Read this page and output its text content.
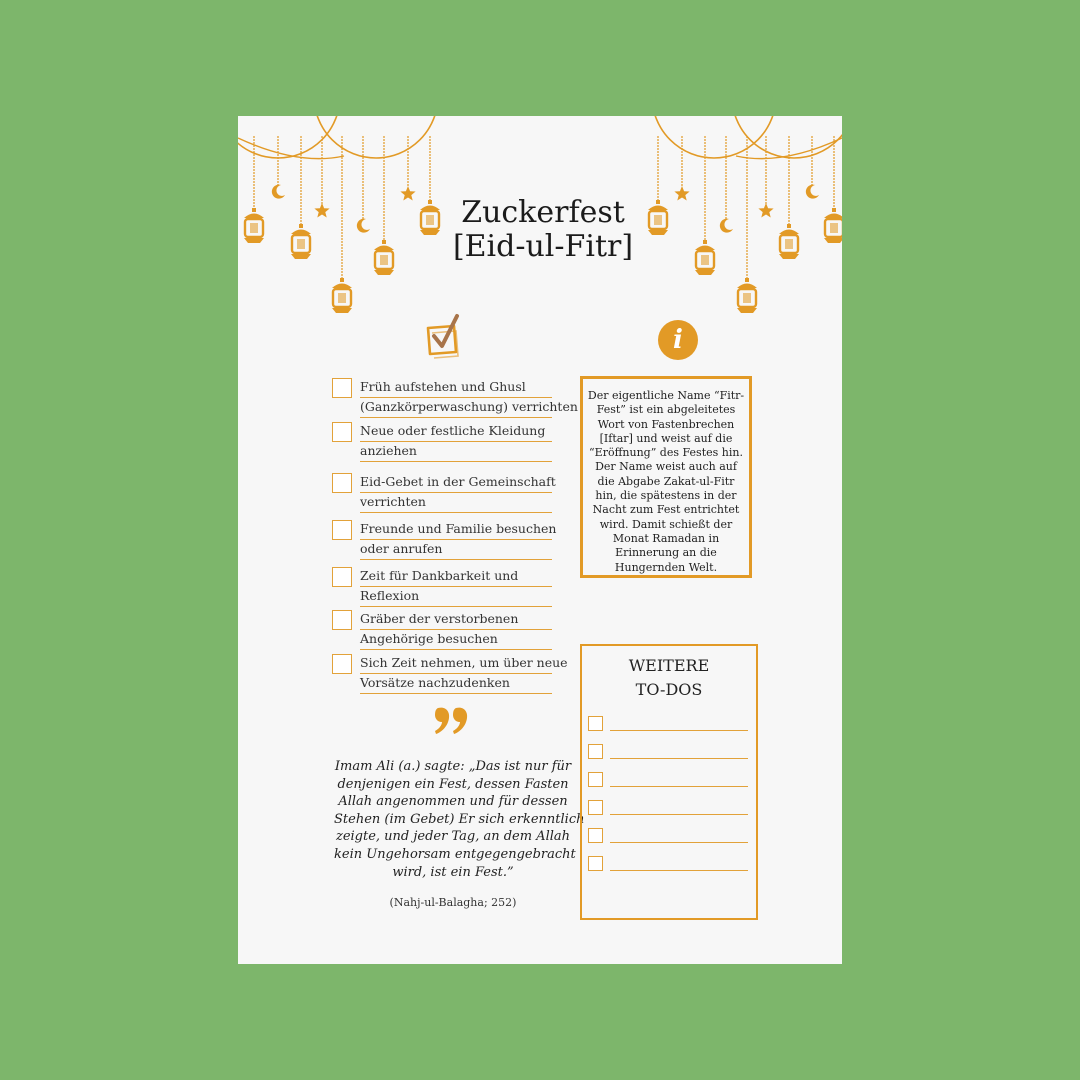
Zuckerfest
[Eid-ul-Fitr]
i
Früh aufstehen und Ghusl
(Ganzkörperwaschung) verrichten
Neue oder festliche Kleidung
anziehen
Eid-Gebet in der Gemeinschaft
verrichten
Freunde und Familie besuchen
oder anrufen
Zeit für Dankbarkeit und
Reflexion
Gräber der verstorbenen
Angehörige besuchen
Sich Zeit nehmen, um über neue
Vorsätze nachzudenken
Der eigentliche Name “Fitr-
Fest” ist ein abgeleitetes
Wort von Fastenbrechen
[Iftar] und weist auf die
“Eröffnung” des Festes hin.
Der Name weist auch auf
die Abgabe Zakat-ul-Fitr
hin, die spätestens in der
Nacht zum Fest entrichtet
wird. Damit schießt der
Monat Ramadan in
Erinnerung an die
Hungernden Welt.
Imam Ali (a.) sagte: „Das ist nur für
denjenigen ein Fest, dessen Fasten
Allah angenommen und für dessen
Stehen (im Gebet) Er sich erkenntlich
zeigte, und jeder Tag, an dem Allah
kein Ungehorsam entgegengebracht
wird, ist ein Fest.”
(Nahj-ul-Balagha; 252)
WEITERE
TO-DOS
